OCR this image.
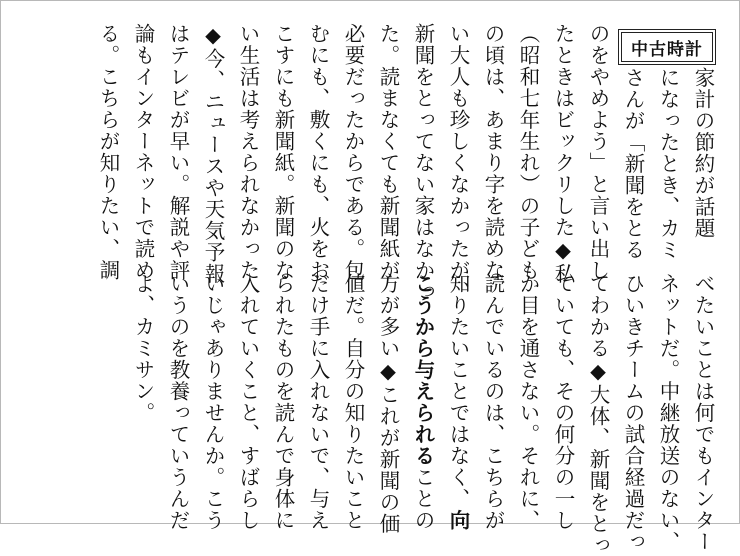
中古時計
家計の節約が話題
になったとき、カミ
さんが「新聞をとる
のをやめよう」と言い出し
たときはビックリした◆私
（昭和七年生れ）の子ども
の頃は、あまり字を読めな
い大人も珍しくなかったが、
新聞をとってない家はなかっ
た。読まなくても新聞紙が
必要だったからである。包
むにも、敷くにも、火をお
こすにも新聞紙。新聞のな
い生活は考えられなかった
◆今、ニュースや天気予報
はテレビが早い。解説や評
論もインターネットで読め
る。こちらが知りたい、調
べたいことは何でもインター
ネットだ。中継放送のない、
ひいきチームの試合経過だっ
てわかる◆大体、新聞をとっ
ていても、その何分の一し
か目を通さない。それに、
読んでいるのは、こちらが
知りたいことではなく、向
こうから与えられることの
方が多い◆これが新聞の価
値だ。自分の知りたいこと
だけ手に入れないで、与え
られたものを読んで身体に
入れていくこと、すばらし
いじゃありませんか。こう
いうのを教養っていうんだ
よ、カミサン。
